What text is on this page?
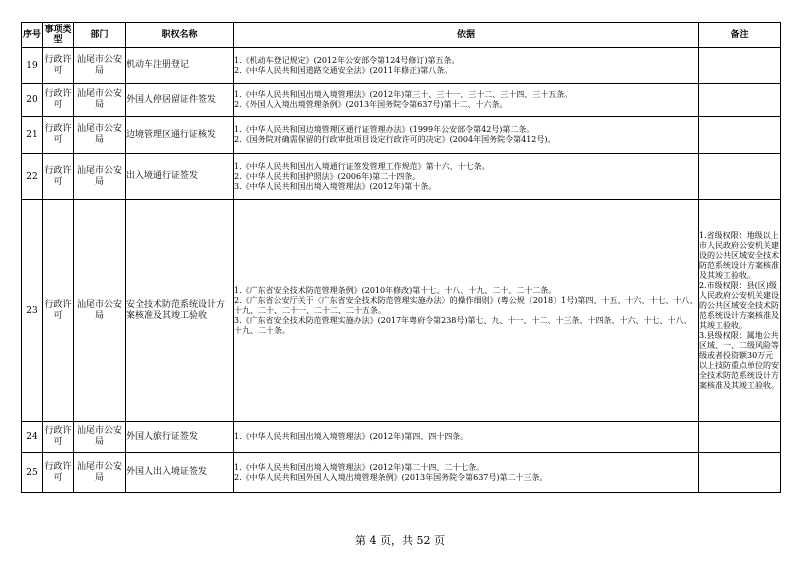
序号	事项类型	部门	职权名称	依据	备注
19	行政许可	汕尾市公安局	机动车注册登记	1.《机动车登记规定》(2012年公安部令第124号修订)第五条。
2.《中华人民共和国道路交通安全法》(2011年修正)第八条。	

20	行政许可	汕尾市公安局	外国人停居留证件签发	1.《中华人民共和国出境入境管理法》(2012年)第三十、三十一、三十二、三十四、三十五条。
2.《外国人入境出境管理条例》(2013年国务院令第637号)第十二、十六条。	

21	行政许可	汕尾市公安局	边境管理区通行证核发	1.《中华人民共和国边境管理区通行证管理办法》(1999年公安部令第42号)第二条。
2.《国务院对确需保留的行政审批项目设定行政许可的决定》(2004年国务院令第412号)。	

22	行政许可	汕尾市公安局	出入境通行证签发	1.《中华人民共和国出入境通行证签发管理工作规范》第十六、十七条。
2.《中华人民共和国护照法》(2006年)第二十四条。
3.《中华人民共和国出境入境管理法》(2012年)第十条。	

23	行政许可	汕尾市公安局	安全技术防范系统设计方案核准及其竣工验收	1.《广东省安全技术防范管理条例》(2010年修改)第十七、十八、十九、二十、二十二条。
2.《广东省公安厅关于〈广东省安全技术防范管理实施办法〉的操作细则》(粤公规〔2018〕1号)第四、十五、十六、十七、十八、十九、二十、二十一、二十二、二十五条。
3.《广东省安全技术防范管理实施办法》(2017年粤府令第238号)第七、九、十一、十二、十三条、十四条、十六、十七、十八、十九、二十条。	1.省级权限：地级以上市人民政府公安机关建设的公共区域安全技术防范系统设计方案核准及其竣工验收。
2.市级权限：县(区)级人民政府公安机关建设的公共区域安全技术防范系统设计方案核准及其竣工验收。
3.县级权限：属地公共区域、一、二级风险等级或者投资额30万元以上技防重点单位的安全技术防范系统设计方案核准及其竣工验收。

24	行政许可	汕尾市公安局	外国人旅行证签发	1.《中华人民共和国出境入境管理法》(2012年)第四、四十四条。	

25	行政许可	汕尾市公安局	外国人出入境证签发	1.《中华人民共和国出境入境管理法》(2012年)第二十四、二十七条。
2.《中华人民共和国外国人入境出境管理条例》(2013年国务院令第637号)第二十三条。	

第 4 页，共 52 页
